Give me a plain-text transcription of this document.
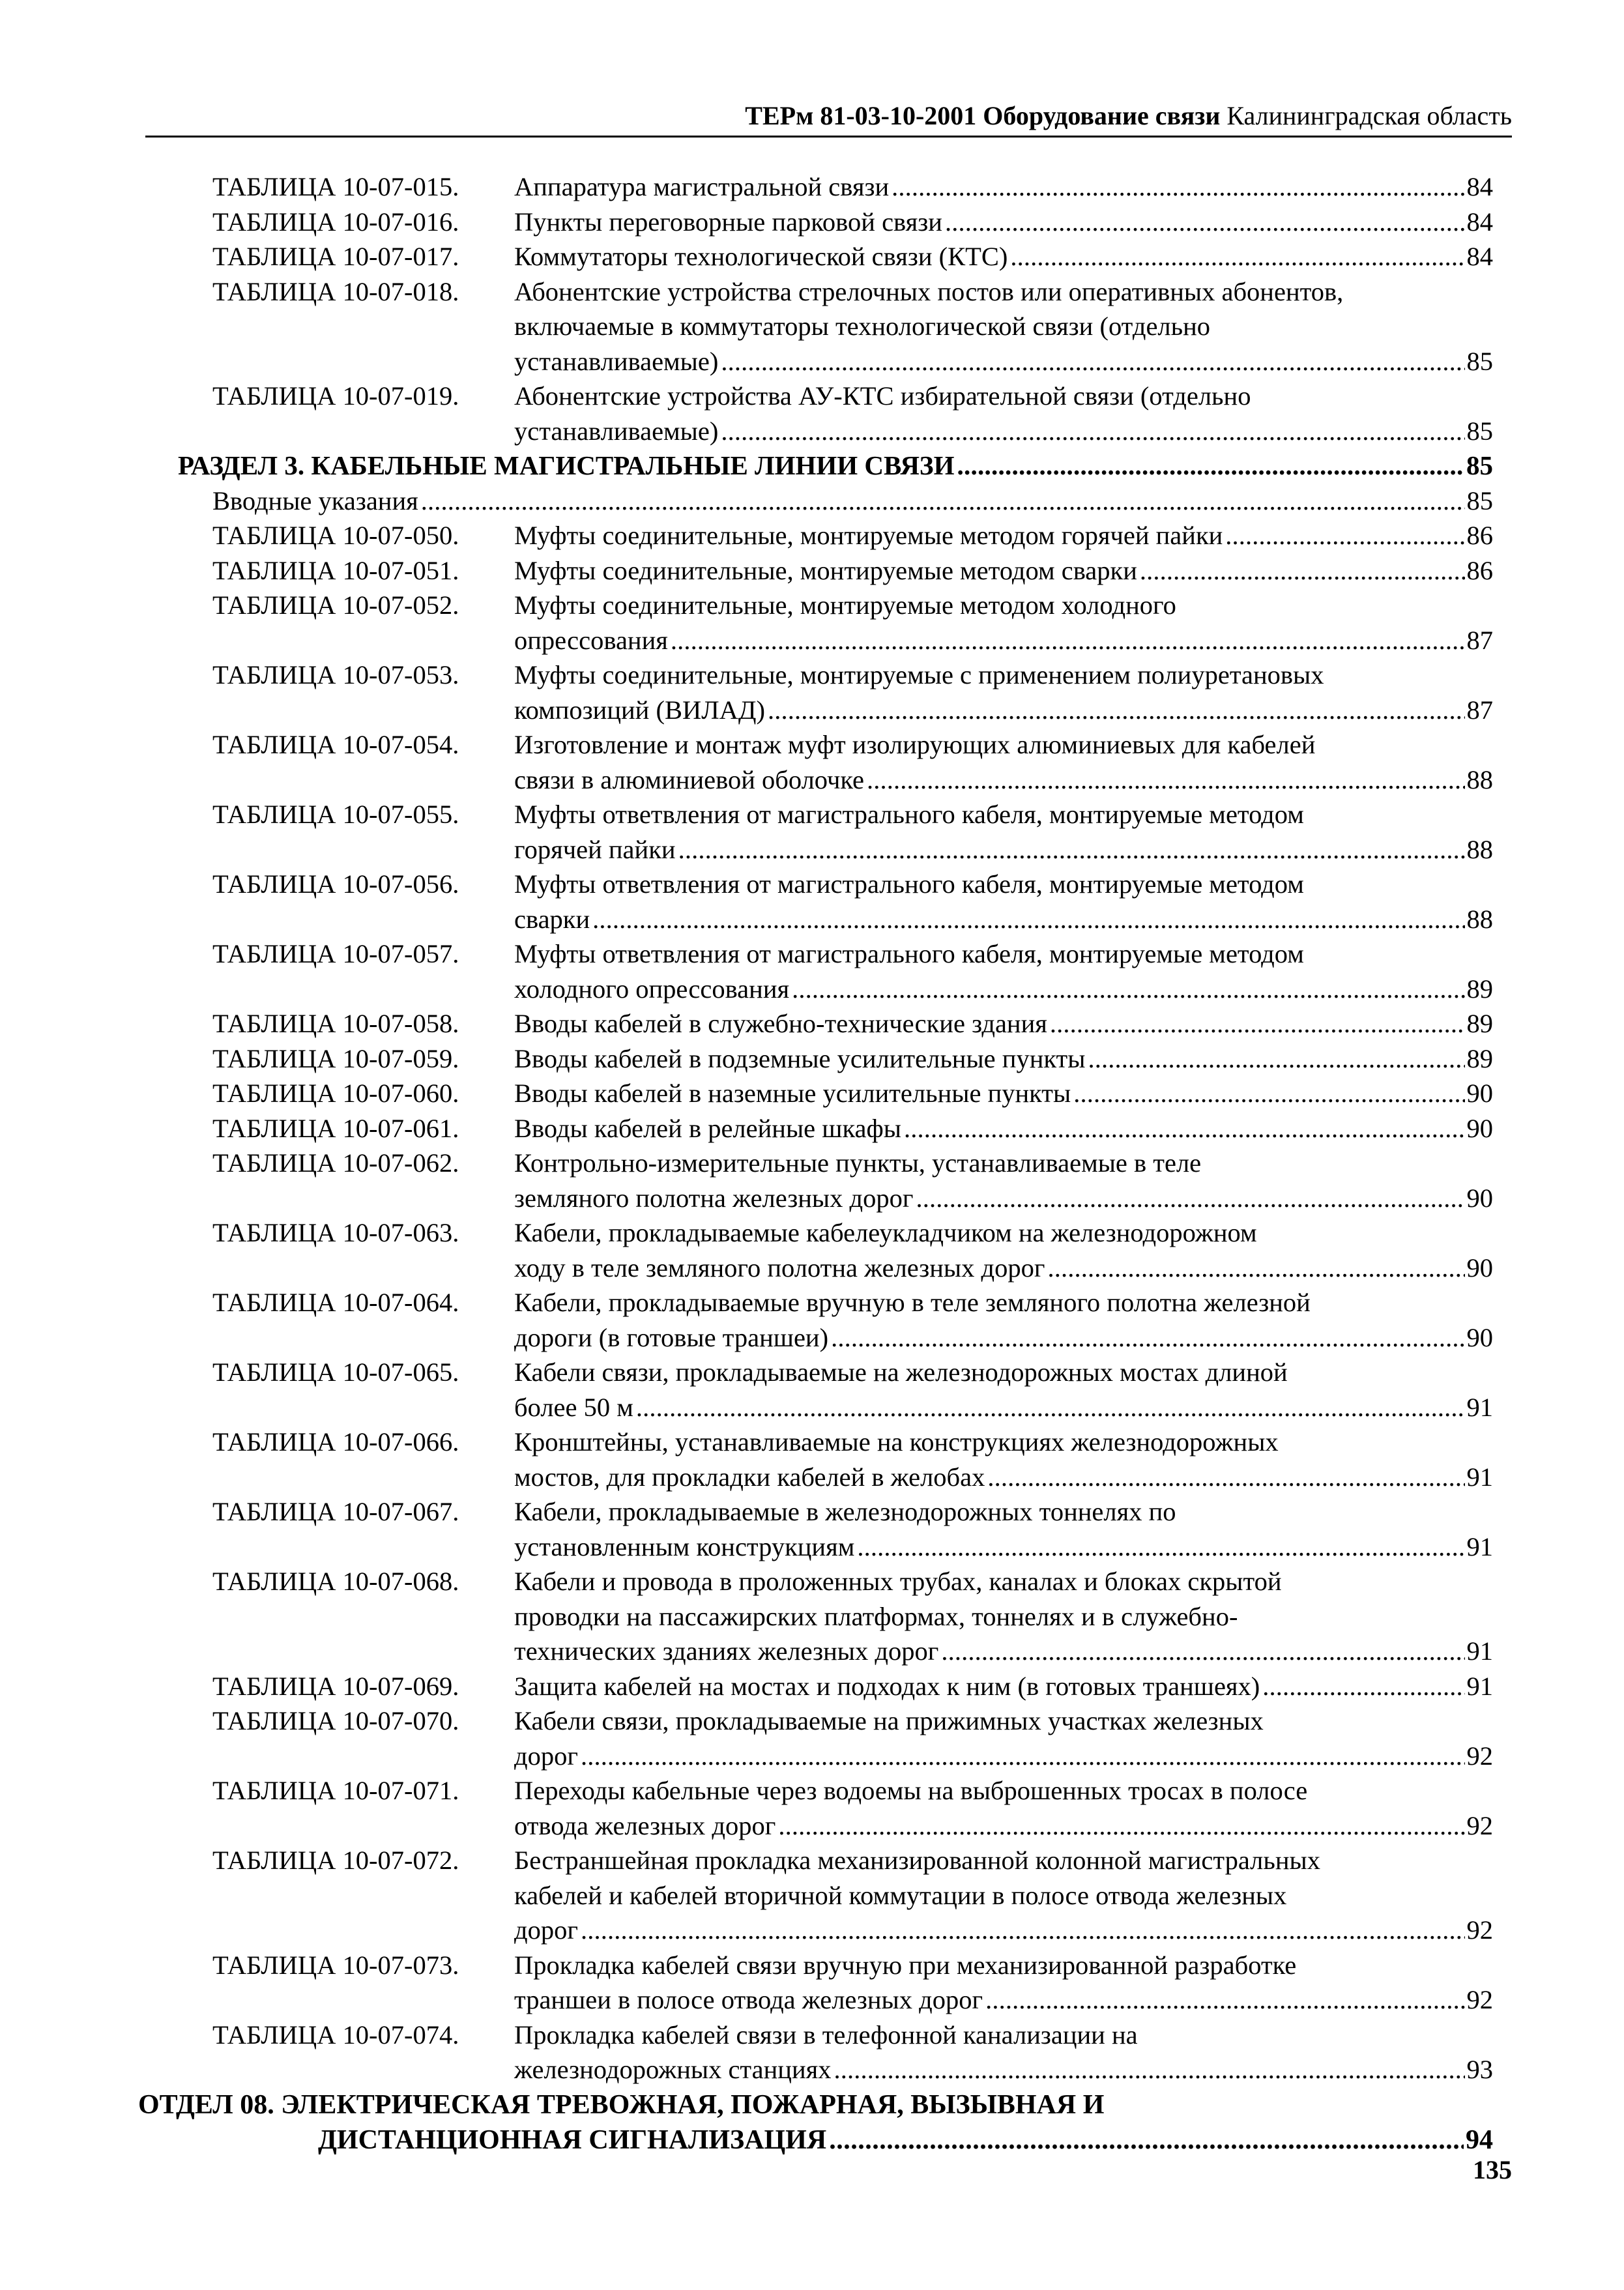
ТЕРм 81-03-10-2001 Оборудование связи Калининградская область
ТАБЛИЦА 10-07-015. Аппаратура магистральной связи . . .	84
ТАБЛИЦА 10-07-016. Пункты переговорные парковой связи . . .	84
ТАБЛИЦА 10-07-017. Коммутаторы технологической связи (КТС) . . .	84
ТАБЛИЦА 10-07-018. Абонентские устройства стрелочных постов или оперативных абонентов,
включаемые в коммутаторы технологической связи (отдельно
устанавливаемые) . . .	85
ТАБЛИЦА 10-07-019. Абонентские устройства АУ-КТС избирательной связи (отдельно
устанавливаемые) . . .	85
РАЗДЕЛ 3. КАБЕЛЬНЫЕ МАГИСТРАЛЬНЫЕ ЛИНИИ СВЯЗИ . . .	85
Вводные указания . . .	85
ТАБЛИЦА 10-07-050. Муфты соединительные, монтируемые методом горячей пайки . . .	86
ТАБЛИЦА 10-07-051. Муфты соединительные, монтируемые методом сварки . . .	86
ТАБЛИЦА 10-07-052. Муфты соединительные, монтируемые методом холодного
опрессования . . .	87
ТАБЛИЦА 10-07-053. Муфты соединительные, монтируемые с применением полиуретановых
композиций (ВИЛАД) . . .	87
ТАБЛИЦА 10-07-054. Изготовление и монтаж муфт изолирующих алюминиевых для кабелей
связи в алюминиевой оболочке . . .	88
ТАБЛИЦА 10-07-055. Муфты ответвления от магистрального кабеля, монтируемые методом
горячей пайки . . .	88
ТАБЛИЦА 10-07-056. Муфты ответвления от магистрального кабеля, монтируемые методом
сварки . . .	88
ТАБЛИЦА 10-07-057. Муфты ответвления от магистрального кабеля, монтируемые методом
холодного опрессования . . .	89
ТАБЛИЦА 10-07-058. Вводы кабелей в служебно-технические здания . . .	89
ТАБЛИЦА 10-07-059. Вводы кабелей в подземные усилительные пункты . . .	89
ТАБЛИЦА 10-07-060. Вводы кабелей в наземные усилительные пункты . . .	90
ТАБЛИЦА 10-07-061. Вводы кабелей в релейные шкафы . . .	90
ТАБЛИЦА 10-07-062. Контрольно-измерительные пункты, устанавливаемые в теле
земляного полотна железных дорог . . .	90
ТАБЛИЦА 10-07-063. Кабели, прокладываемые кабелеукладчиком на железнодорожном
ходу в теле земляного полотна железных дорог . . .	90
ТАБЛИЦА 10-07-064. Кабели, прокладываемые вручную в теле земляного полотна железной
дороги (в готовые траншеи) . . .	90
ТАБЛИЦА 10-07-065. Кабели связи, прокладываемые на железнодорожных мостах длиной
более 50 м . . .	91
ТАБЛИЦА 10-07-066. Кронштейны, устанавливаемые на конструкциях железнодорожных
мостов, для прокладки кабелей в желобах . . .	91
ТАБЛИЦА 10-07-067. Кабели, прокладываемые в железнодорожных тоннелях по
установленным конструкциям . . .	91
ТАБЛИЦА 10-07-068. Кабели и провода в проложенных трубах, каналах и блоках скрытой
проводки на пассажирских платформах, тоннелях и в служебно-
технических зданиях железных дорог . . .	91
ТАБЛИЦА 10-07-069. Защита кабелей на мостах и подходах к ним (в готовых траншеях) . . .	91
ТАБЛИЦА 10-07-070. Кабели связи, прокладываемые на прижимных участках железных
дорог . . .	92
ТАБЛИЦА 10-07-071. Переходы кабельные через водоемы на выброшенных тросах в полосе
отвода железных дорог . . .	92
ТАБЛИЦА 10-07-072. Бестраншейная прокладка механизированной колонной магистральных
кабелей и кабелей вторичной коммутации в полосе отвода железных
дорог . . .	92
ТАБЛИЦА 10-07-073. Прокладка кабелей связи вручную при механизированной разработке
траншеи в полосе отвода железных дорог . . .	92
ТАБЛИЦА 10-07-074. Прокладка кабелей связи в телефонной канализации на
железнодорожных станциях . . .	93
ОТДЕЛ 08. ЭЛЕКТРИЧЕСКАЯ ТРЕВОЖНАЯ, ПОЖАРНАЯ, ВЫЗЫВНАЯ И
ДИСТАНЦИОННАЯ СИГНАЛИЗАЦИЯ . . .	94
135
